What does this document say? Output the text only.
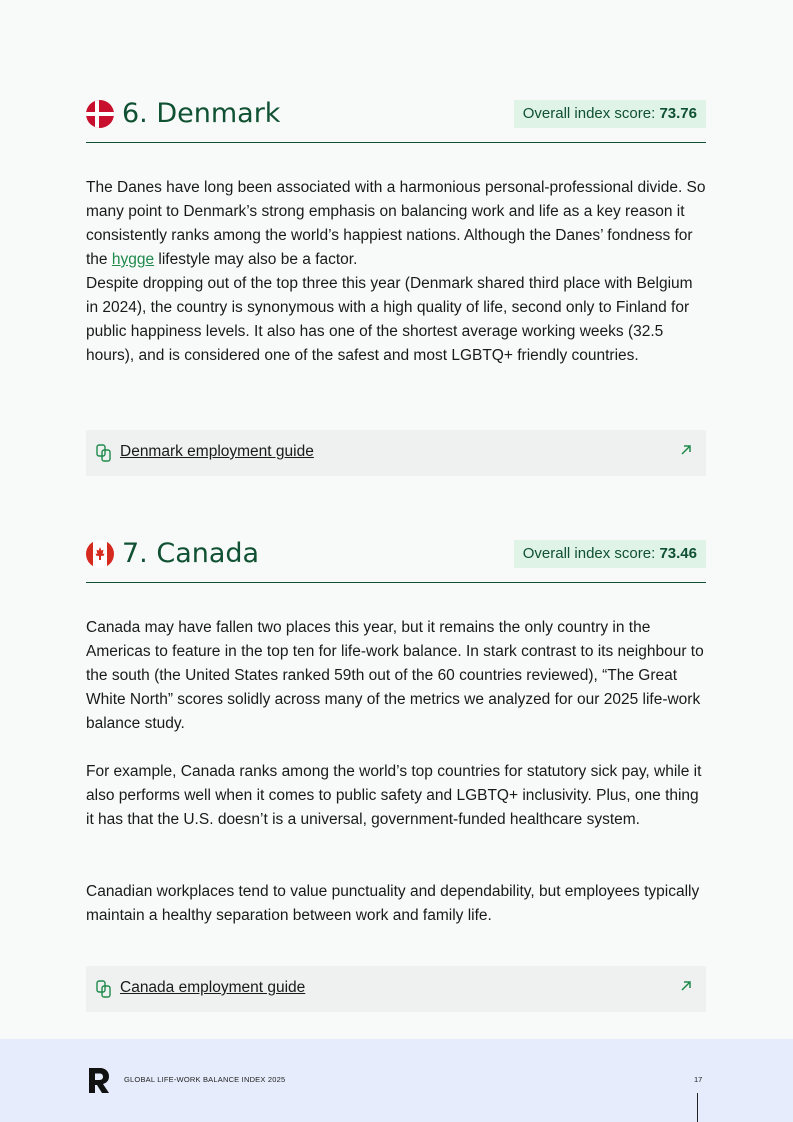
6. Denmark	Overall index score: 73.76

The Danes have long been associated with a harmonious personal-professional divide. So many point to Denmark’s strong emphasis on balancing work and life as a key reason it consistently ranks among the world’s happiest nations. Although the Danes’ fondness for the hygge lifestyle may also be a factor.

Despite dropping out of the top three this year (Denmark shared third place with Belgium in 2024), the country is synonymous with a high quality of life, second only to Finland for public happiness levels. It also has one of the shortest average working weeks (32.5 hours), and is considered one of the safest and most LGBTQ+ friendly countries.

Denmark employment guide
7. Canada	Overall index score: 73.46

Canada may have fallen two places this year, but it remains the only country in the Americas to feature in the top ten for life-work balance. In stark contrast to its neighbour to the south (the United States ranked 59th out of the 60 countries reviewed), “The Great White North” scores solidly across many of the metrics we analyzed for our 2025 life-work balance study.

For example, Canada ranks among the world’s top countries for statutory sick pay, while it also performs well when it comes to public safety and LGBTQ+ inclusivity. Plus, one thing it has that the U.S. doesn’t is a universal, government-funded healthcare system.

Canadian workplaces tend to value punctuality and dependability, but employees typically maintain a healthy separation between work and family life.

Canada employment guide
GLOBAL LIFE-WORK BALANCE INDEX 2025	17
